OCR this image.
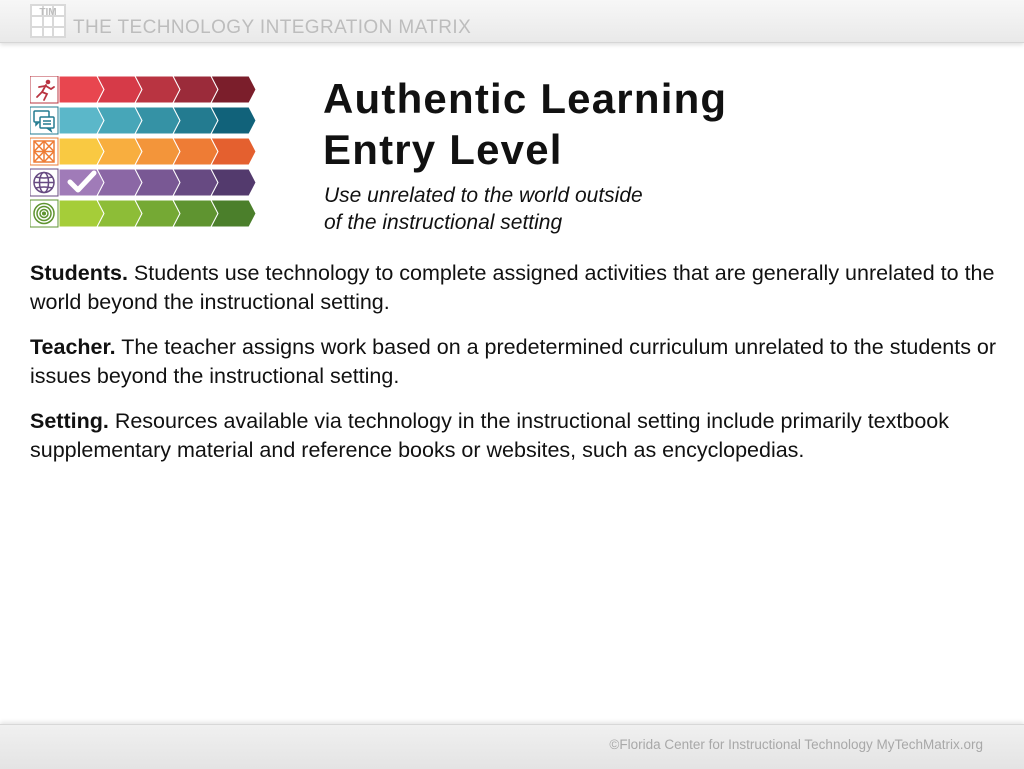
TIM
THE TECHNOLOGY INTEGRATION MATRIX
Authentic Learning
Entry Level
Use unrelated to the world outside
of the instructional setting

Students. Students use technology to complete assigned activities that are generally unrelated to the world beyond the instructional setting.

Teacher. The teacher assigns work based on a predetermined curriculum unrelated to the students or issues beyond the instructional setting.

Setting. Resources available via technology in the instructional setting include primarily textbook supplementary material and reference books or websites, such as encyclopedias.

©Florida Center for Instructional Technology MyTechMatrix.org
